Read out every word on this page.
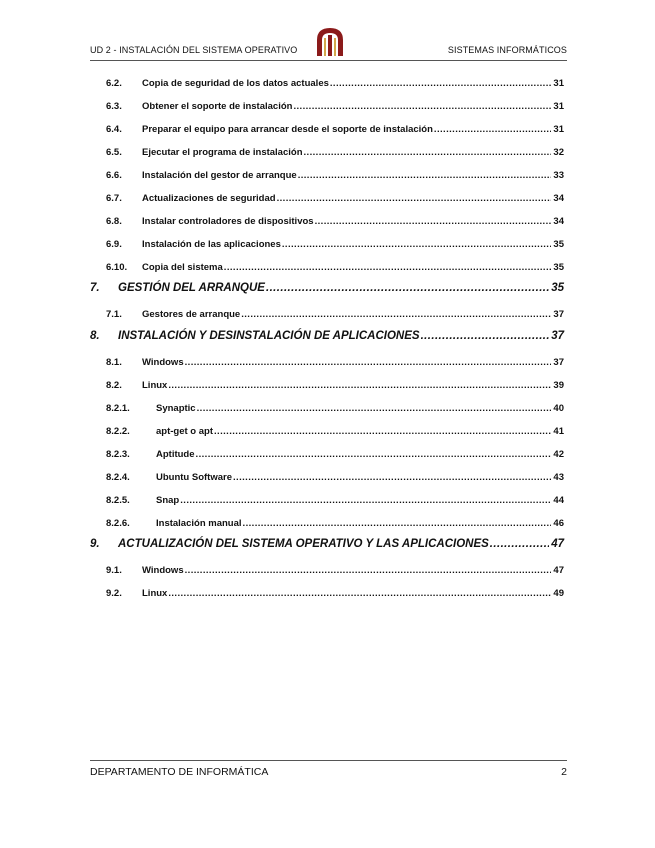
UD 2 - INSTALACIÓN DEL SISTEMA OPERATIVO	SISTEMAS INFORMÁTICOS
6.2. Copia de seguridad de los datos actuales .....	31
6.3. Obtener el soporte de instalación .....	31
6.4. Preparar el equipo para arrancar desde el soporte de instalación .....	31
6.5. Ejecutar el programa de instalación .....	32
6.6. Instalación del gestor de arranque .....	33
6.7. Actualizaciones de seguridad .....	34
6.8. Instalar controladores de dispositivos .....	34
6.9. Instalación de las aplicaciones .....	35
6.10. Copia del sistema .....	35
7. GESTIÓN DEL ARRANQUE .....	35
7.1. Gestores de arranque .....	37
8. INSTALACIÓN Y DESINSTALACIÓN DE APLICACIONES .....	37
8.1. Windows .....	37
8.2. Linux .....	39
8.2.1.	Synaptic .....	40
8.2.2.	apt-get o apt .....	41
8.2.3.	Aptitude .....	42
8.2.4.	Ubuntu Software .....	43
8.2.5.	Snap .....	44
8.2.6.	Instalación manual .....	46
9. ACTUALIZACIÓN DEL SISTEMA OPERATIVO Y LAS APLICACIONES .....	47
9.1. Windows .....	47
9.2. Linux .....	49
DEPARTAMENTO DE INFORMÁTICA	2
